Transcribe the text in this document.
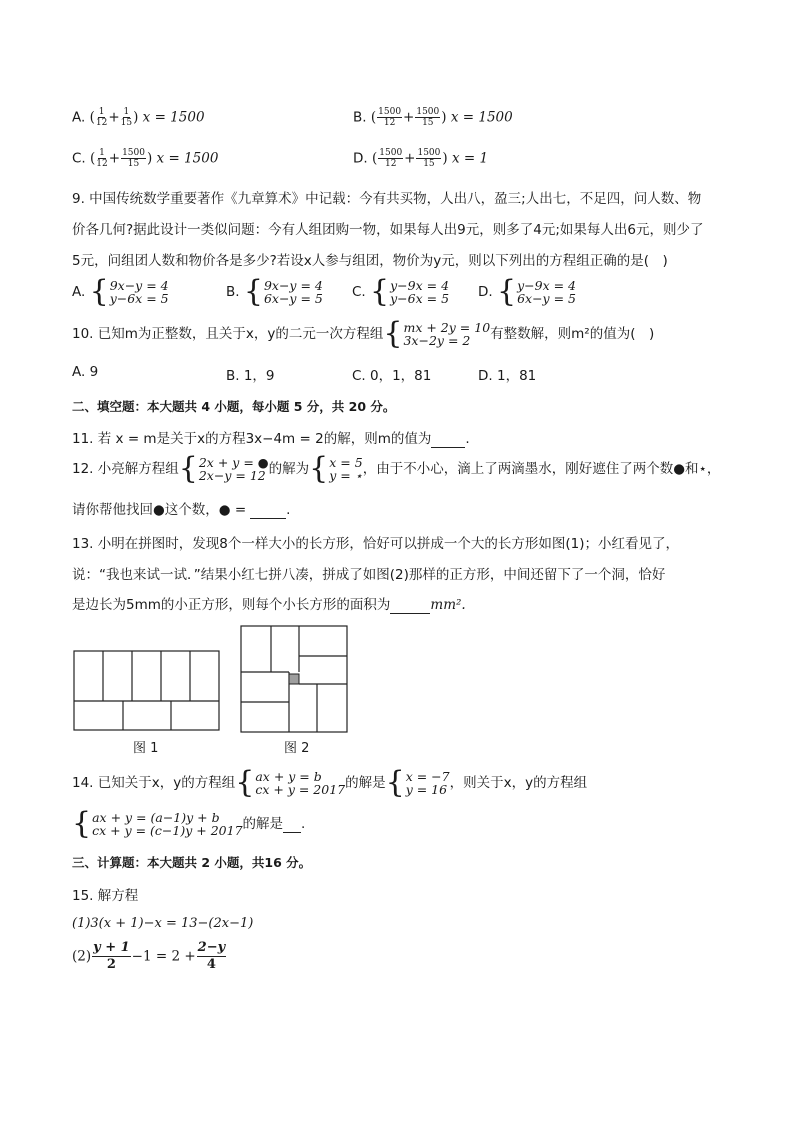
A. ( $\frac{1}{12} + \frac{1}{15}$ ) x = 1500	B. ( $\frac{1500}{12} + \frac{1500}{15}$ ) x = 1500
C. ( $\frac{1}{12} + \frac{1500}{15}$ ) x = 1500	D. ( $\frac{1500}{12} + \frac{1500}{15}$ ) x = 1
9. 中国传统数学重要著作《九章算术》中记载：今有共买物，人出八，盈三;人出七，不足四，问人数、物
价各几何?据此设计一类似问题：今有人组团购一物，如果每人出9元，则多了4元;如果每人出6元，则少了
5元，问组团人数和物价各是多少?若设x人参与组团，物价为y元，则以下列出的方程组正确的是(　)
A. { 9x−y = 4
y−6x = 5	B. { 9x−y = 4
6x−y = 5 C. { y−9x = 4
y−6x = 5 D. { y−9x = 4
6x−y = 5
10. 已知m为正整数，且关于x，y的二元一次方程组 { mx + 2y = 10
3x−2y = 2	有整数解，则m²的值为(　)
A. 9	B. 1，9	C. 0，1，81	D. 1，81
二、填空题：本大题共 4 小题，每小题 5 分，共 20 分。
11. 若 x = m是关于x的方程3x−4m = 2的解，则m的值为	.
12. 小亮解方程组 { 2x + y = ●
2x−y = 12 的解为 { x = 5
y = ⋆ ，由于不小心，滴上了两滴墨水，刚好遮住了两个数●和⋆，
请你帮他找回●这个数，● =	.
13. 小明在拼图时，发现8个一样大小的长方形，恰好可以拼成一个大的长方形如图(1)；小红看见了，
说：“我也来试一试．”结果小红七拼八凑，拼成了如图(2)那样的正方形，中间还留下了一个洞，恰好
是边长为5mm的小正方形，则每个小长方形的面积为	mm².
图 1	图 2
14. 已知关于x，y的方程组 { ax + y = b
cx + y = 2017 的解是 { x = −7
y = 16 ，则关于x，y的方程组
{ ax + y = (a−1)y + b
cx + y = (c−1)y + 2017 的解是 .
三、计算题：本大题共 2 小题，共16 分。
15. 解方程
(1)3(x + 1)−x = 13−(2x−1)
$(2) \frac{y + 1}{2} -1 = 2 + \frac{2-y}{4}$
